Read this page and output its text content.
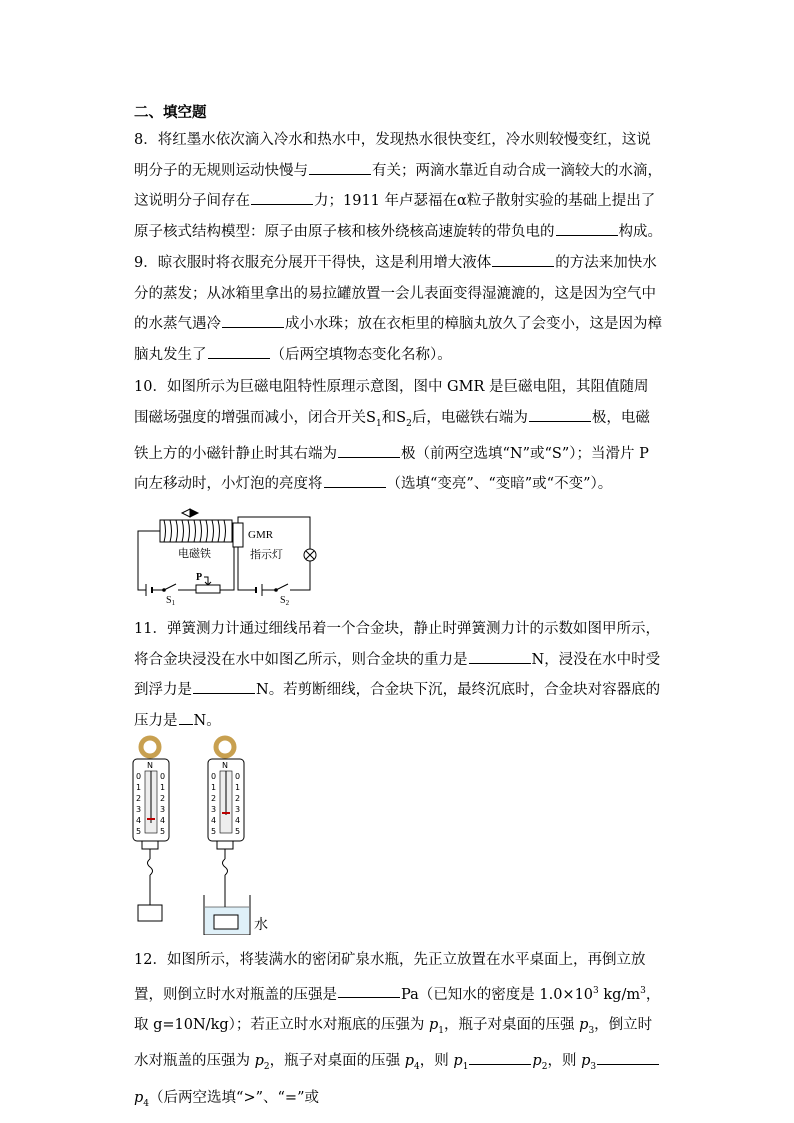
二、填空题
8．将红墨水依次滴入冷水和热水中，发现热水很快变红，冷水则较慢变红，这说明分子的无规则运动快慢与	有关；两滴水靠近自动合成一滴较大的水滴，这说明分子间存在	力；1911 年卢瑟福在α粒子散射实验的基础上提出了原子核式结构模型：原子由原子核和核外绕核高速旋转的带负电的	构成。
9．晾衣服时将衣服充分展开干得快，这是利用增大液体	的方法来加快水分的蒸发；从冰箱里拿出的易拉罐放置一会儿表面变得湿漉漉的，这是因为空气中的水蒸气遇冷	成小水珠；放在衣柜里的樟脑丸放久了会变小，这是因为樟脑丸发生了	（后两空填物态变化名称）。
10．如图所示为巨磁电阻特性原理示意图，图中 GMR 是巨磁电阻，其阻值随周围磁场强度的增强而减小，闭合开关$S_1$和$S_2$后，电磁铁右端为	极，电磁铁上方的小磁针静止时其右端为	极（前两空选填“N”或“S”）；当滑片 P 向左移动时，小灯泡的亮度将	（选填“变亮”、“变暗”或“不变”）。
电磁铁
GMR
指示灯
P
$S_1$	$S_2$
11．弹簧测力计通过细线吊着一个合金块，静止时弹簧测力计的示数如图甲所示，将合金块浸没在水中如图乙所示，则合金块的重力是	N，浸没在水中时受到浮力是	N。若剪断细线，合金块下沉，最终沉底时，合金块对容器底的压力是 N。
N	N
0
1
2
3
4
5
0
1
2
3
4
5
0
1
2
3
4
5
0
1
2
3
4
5
水
12．如图所示，将装满水的密闭矿泉水瓶，先正立放置在水平桌面上，再倒立放置，则倒立时水对瓶盖的压强是	Pa（已知水的密度是 $1.0\times 10^3$ $kg/m^3$，取 g=10N/kg）；若正立时水对瓶底的压强为 $p_1$，瓶子对桌面的压强 $p_3$，倒立时水对瓶盖的压强为 $p_2$，瓶子对桌面的压强 $p_4$，则 $p_1$	$p_2$，则 $p_3p_4$（后两空选填“>”、“=”或
